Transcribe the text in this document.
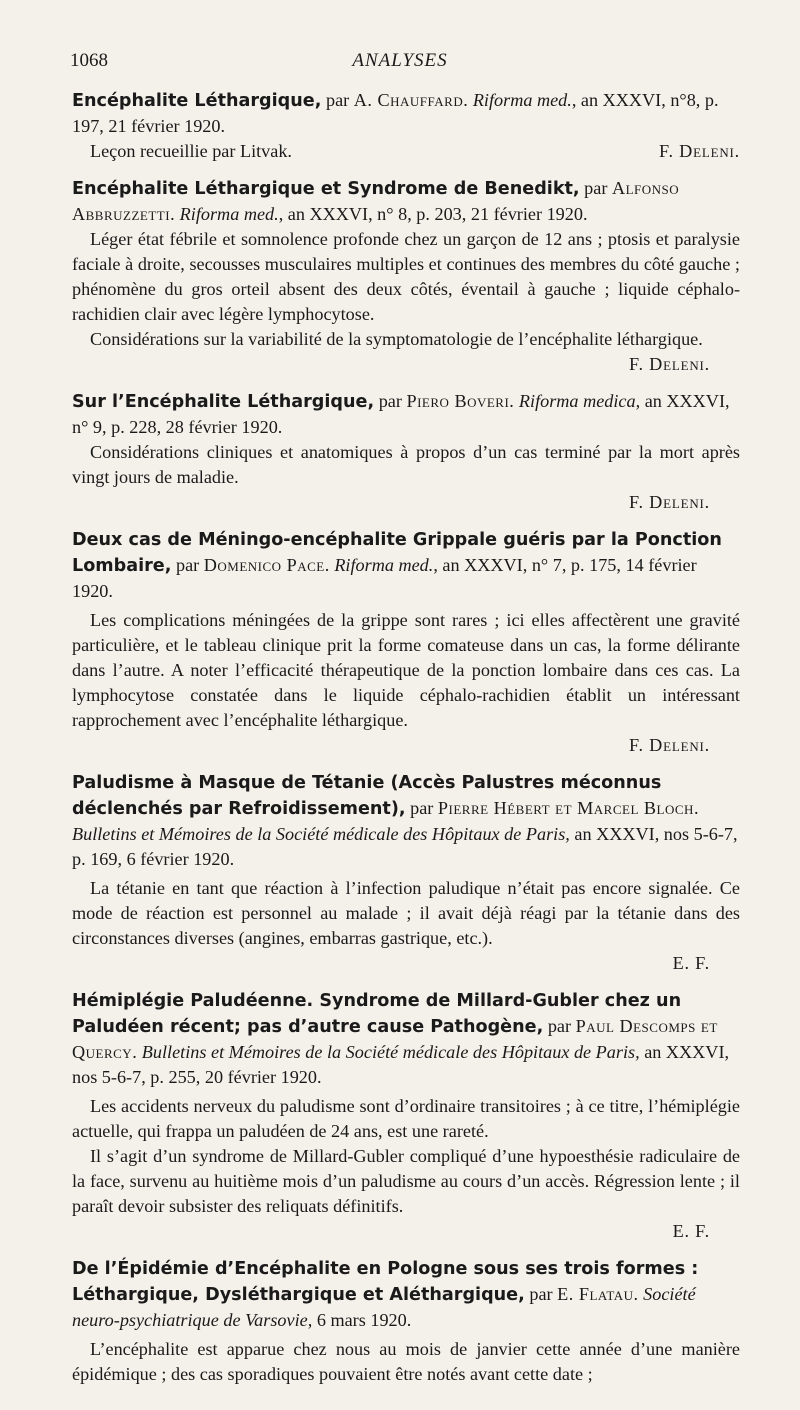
1068	ANALYSES
Encéphalite Léthargique, par A. Chauffard. Riforma med., an XXXVI, n°8, p. 197, 21 février 1920.
Leçon recueillie par Litvak.	F. Deleni.
Encéphalite Léthargique et Syndrome de Benedikt, par Alfonso Abbruzzetti. Riforma med., an XXXVI, n° 8, p. 203, 21 février 1920.
Léger état fébrile et somnolence profonde chez un garçon de 12 ans ; ptosis et paralysie faciale à droite, secousses musculaires multiples et continues des membres du côté gauche ; phénomène du gros orteil absent des deux côtés, éventail à gauche ; liquide céphalo-rachidien clair avec légère lymphocytose.
Considérations sur la variabilité de la symptomatologie de l’encéphalite léthargique.
F. Deleni.
Sur l’Encéphalite Léthargique, par Piero Boveri. Riforma medica, an XXXVI, n° 9, p. 228, 28 février 1920.
Considérations cliniques et anatomiques à propos d’un cas terminé par la mort après vingt jours de maladie.
F. Deleni.
Deux cas de Méningo-encéphalite Grippale guéris par la Ponction Lombaire, par Domenico Pace. Riforma med., an XXXVI, n° 7, p. 175, 14 février 1920.
Les complications méningées de la grippe sont rares ; ici elles affectèrent une gravité particulière, et le tableau clinique prit la forme comateuse dans un cas, la forme délirante dans l’autre. A noter l’efficacité thérapeutique de la ponction lombaire dans ces cas. La lymphocytose constatée dans le liquide céphalo-rachidien établit un intéressant rapprochement avec l’encéphalite léthargique.
F. Deleni.
Paludisme à Masque de Tétanie (Accès Palustres méconnus déclenchés par Refroidissement), par Pierre Hébert et Marcel Bloch. Bulletins et Mémoires de la Société médicale des Hôpitaux de Paris, an XXXVI, nos 5-6-7, p. 169, 6 février 1920.
La tétanie en tant que réaction à l’infection paludique n’était pas encore signalée. Ce mode de réaction est personnel au malade ; il avait déjà réagi par la tétanie dans des circonstances diverses (angines, embarras gastrique, etc.).
E. F.
Hémiplégie Paludéenne. Syndrome de Millard-Gubler chez un Paludéen récent; pas d’autre cause Pathogène, par Paul Descomps et Quercy. Bulletins et Mémoires de la Société médicale des Hôpitaux de Paris, an XXXVI, nos 5-6-7, p. 255, 20 février 1920.
Les accidents nerveux du paludisme sont d’ordinaire transitoires ; à ce titre, l’hémiplégie actuelle, qui frappa un paludéen de 24 ans, est une rareté.
Il s’agit d’un syndrome de Millard-Gubler compliqué d’une hypoesthésie radiculaire de la face, survenu au huitième mois d’un paludisme au cours d’un accès. Régression lente ; il paraît devoir subsister des reliquats définitifs.
E. F.
De l’Épidémie d’Encéphalite en Pologne sous ses trois formes : Léthargique, Dysléthargique et Aléthargique, par E. Flatau. Société neuro-psychiatrique de Varsovie, 6 mars 1920.
L’encéphalite est apparue chez nous au mois de janvier cette année d’une manière épidémique ; des cas sporadiques pouvaient être notés avant cette date ;
